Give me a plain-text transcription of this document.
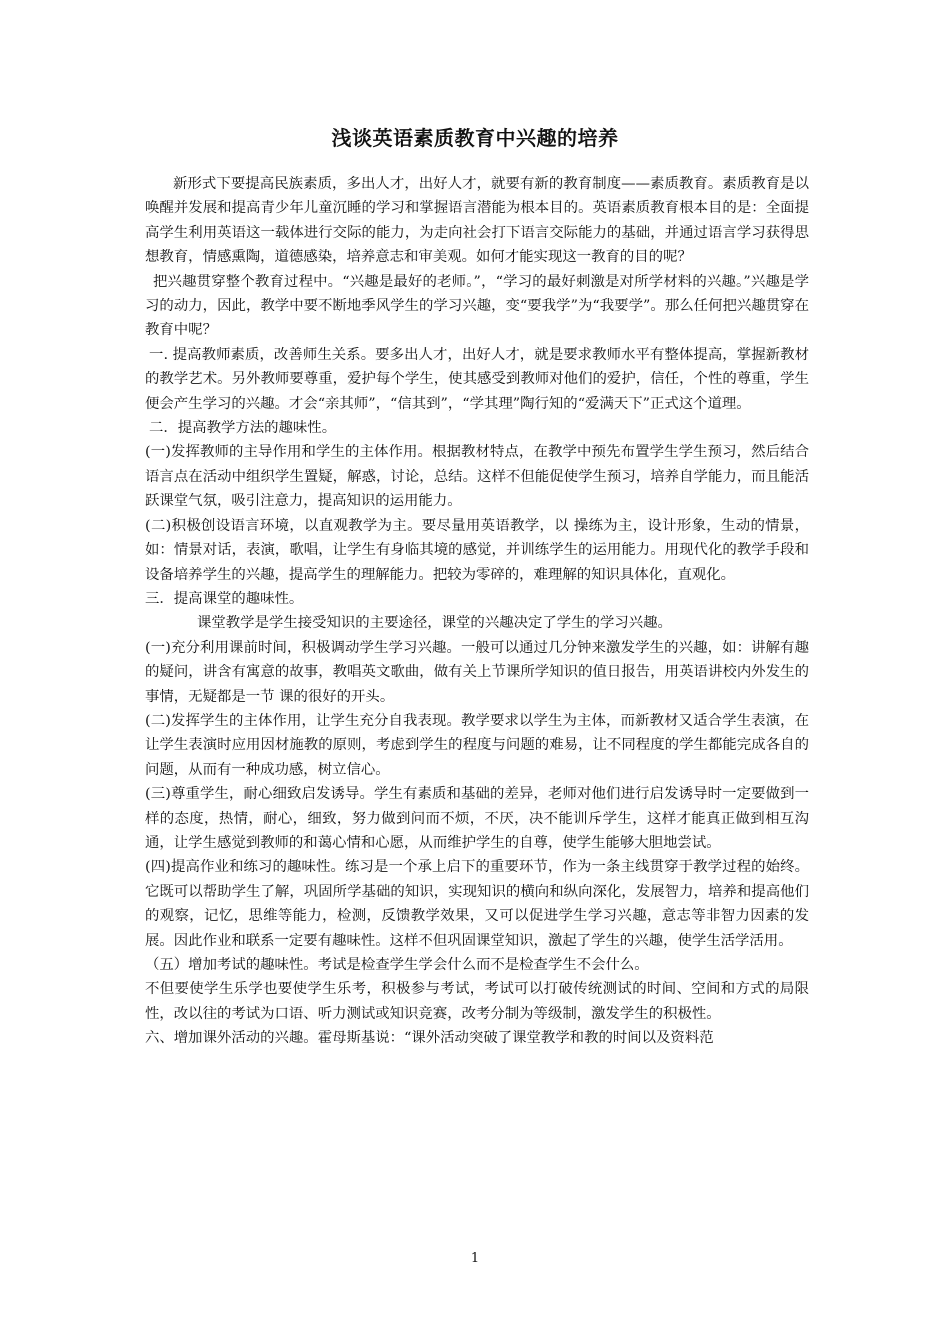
浅谈英语素质教育中兴趣的培养

新形式下要提高民族素质，多出人才，出好人才，就要有新的教育制度——素质教育。素质教育是以唤醒并发展和提高青少年儿童沉睡的学习和掌握语言潜能为根本目的。英语素质教育根本目的是：全面提高学生利用英语这一载体进行交际的能力，为走向社会打下语言交际能力的基础，并通过语言学习获得思想教育，情感熏陶，道德感染，培养意志和审美观。如何才能实现这一教育的目的呢？

把兴趣贯穿整个教育过程中。“兴趣是最好的老师。”，“学习的最好刺激是对所学材料的兴趣。”兴趣是学习的动力，因此，教学中要不断地季风学生的学习兴趣，变“要我学”为“我要学”。那么任何把兴趣贯穿在教育中呢？

一. 提高教师素质，改善师生关系。要多出人才，出好人才，就是要求教师水平有整体提高，掌握新教材的教学艺术。另外教师要尊重，爱护每个学生，使其感受到教师对他们的爱护，信任，个性的尊重，学生便会产生学习的兴趣。才会“亲其师”，“信其到”，“学其理”陶行知的“爱满天下”正式这个道理。

二．提高教学方法的趣味性。

(一)发挥教师的主导作用和学生的主体作用。根据教材特点，在教学中预先布置学生学生预习，然后结合语言点在活动中组织学生置疑，解惑，讨论，总结。这样不但能促使学生预习，培养自学能力，而且能活跃课堂气氛，吸引注意力，提高知识的运用能力。

(二)积极创设语言环境，以直观教学为主。要尽量用英语教学，以 操练为主，设计形象，生动的情景，如：情景对话，表演，歌唱，让学生有身临其境的感觉，并训练学生的运用能力。用现代化的教学手段和设备培养学生的兴趣，提高学生的理解能力。把较为零碎的，难理解的知识具体化，直观化。

三．提高课堂的趣味性。

课堂教学是学生接受知识的主要途径，课堂的兴趣决定了学生的学习兴趣。

(一)充分利用课前时间，积极调动学生学习兴趣。一般可以通过几分钟来激发学生的兴趣，如：讲解有趣的疑问，讲含有寓意的故事，教唱英文歌曲，做有关上节课所学知识的值日报告，用英语讲校内外发生的事情，无疑都是一节 课的很好的开头。

(二)发挥学生的主体作用，让学生充分自我表现。教学要求以学生为主体，而新教材又适合学生表演，在让学生表演时应用因材施教的原则，考虑到学生的程度与问题的难易，让不同程度的学生都能完成各自的问题，从而有一种成功感，树立信心。

(三)尊重学生，耐心细致启发诱导。学生有素质和基础的差异，老师对他们进行启发诱导时一定要做到一样的态度，热情，耐心，细致，努力做到问而不烦，不厌，决不能训斥学生，这样才能真正做到相互沟通，让学生感觉到教师的和蔼心情和心愿，从而维护学生的自尊，使学生能够大胆地尝试。

(四)提高作业和练习的趣味性。练习是一个承上启下的重要环节，作为一条主线贯穿于教学过程的始终。它既可以帮助学生了解，巩固所学基础的知识，实现知识的横向和纵向深化，发展智力，培养和提高他们的观察，记忆，思维等能力，检测，反馈教学效果，又可以促进学生学习兴趣，意志等非智力因素的发展。因此作业和联系一定要有趣味性。这样不但巩固课堂知识，激起了学生的兴趣，使学生活学活用。

（五）增加考试的趣味性。考试是检查学生学会什么而不是检查学生不会什么。

不但要使学生乐学也要使学生乐考，积极参与考试，考试可以打破传统测试的时间、空间和方式的局限性，改以往的考试为口语、听力测试或知识竞赛，改考分制为等级制，激发学生的积极性。

六、增加课外活动的兴趣。霍母斯基说：“课外活动突破了课堂教学和教的时间以及资料范

1
